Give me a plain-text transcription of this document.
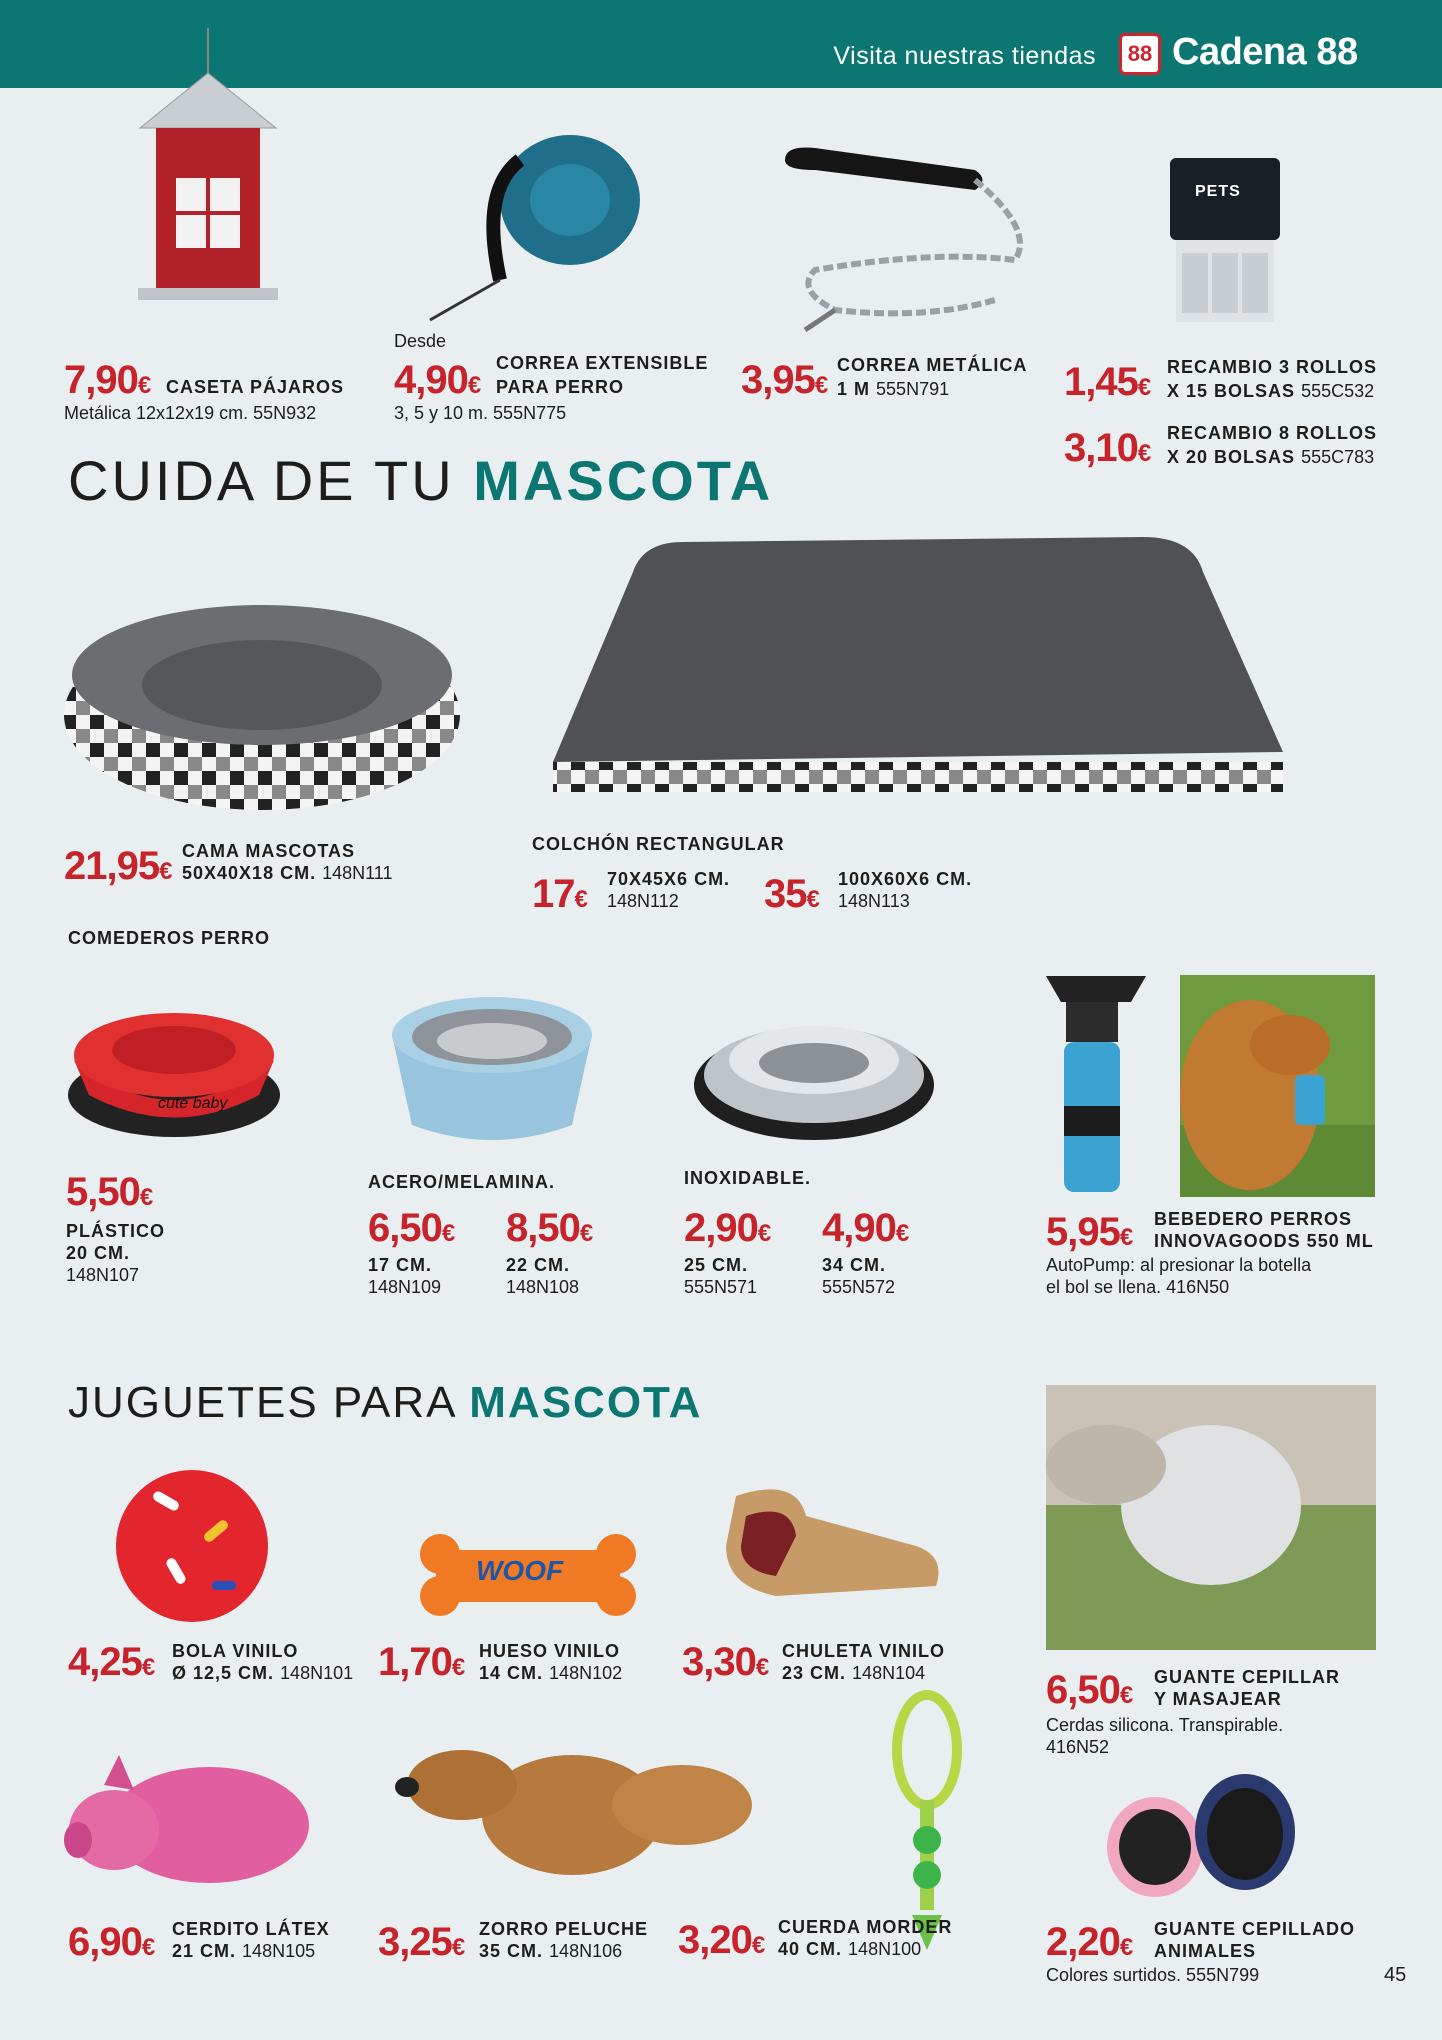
Visita nuestras tiendas 88 Cadena 88
PETS
7,90€ CASETA PÁJAROS
Metálica 12x12x19 cm. 55N932
Desde
4,90€
CORREA EXTENSIBLE
PARA PERRO
3, 5 y 10 m. 555N775
3,95€
CORREA METÁLICA
1 M 555N791	1,45€
RECAMBIO 3 ROLLOS
X 15 BOLSAS 555C532
3,10€
RECAMBIO 8 ROLLOS
X 20 BOLSAS 555C783
CUIDA DE TU MASCOTA
21,95€
CAMA MASCOTAS
50X40X18 CM. 148N111
COLCHÓN RECTANGULAR
17€
70X45X6 CM.
148N112 35€
100X60X6 CM.
148N113
COMEDEROS PERRO
cute baby
5,50€
PLÁSTICO
20 CM.
148N107
ACERO/MELAMINA.
6,50€
17 CM.
148N109
8,50€
22 CM.
148N108
INOXIDABLE.
2,90€
25 CM.
555N571
4,90€
34 CM.
555N572
5,95€
BEBEDERO PERROS
INNOVAGOODS 550 ML
AutoPump: al presionar la botella
el bol se llena. 416N50
JUGUETES PARA MASCOTA
WOOF
4,25€
BOLA VINILO
Ø 12,5 CM. 148N101 1,70€
HUESO VINILO
14 CM. 148N102 3,30€
CHULETA VINILO
23 CM. 148N104	6,50€
GUANTE CEPILLAR
Y MASAJEAR
Cerdas silicona. Transpirable.
416N52
6,90€
CERDITO LÁTEX
21 CM. 148N105 3,25€
ZORRO PELUCHE
35 CM. 148N106 3,20€
CUERDA MORDER
40 CM. 148N100	2,20€
GUANTE CEPILLADO
ANIMALES
Colores surtidos. 555N799	45
